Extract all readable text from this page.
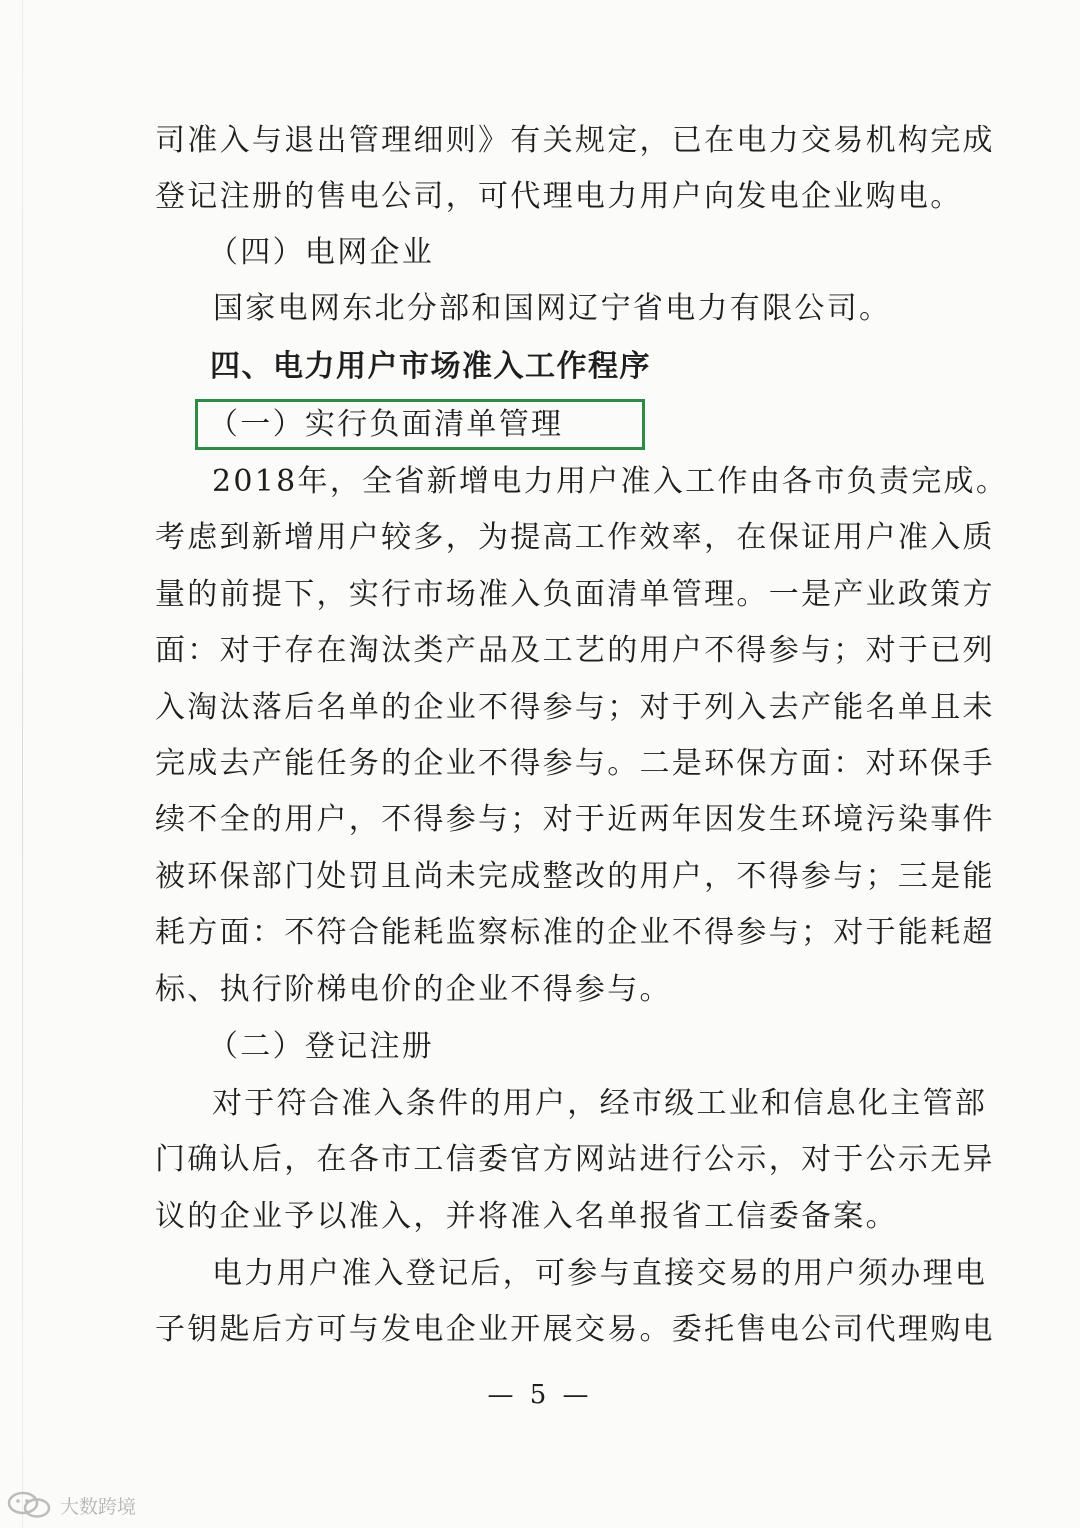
司准入与退出管理细则》有关规定，已在电力交易机构完成
登记注册的售电公司，可代理电力用户向发电企业购电。
（四）电网企业
国家电网东北分部和国网辽宁省电力有限公司。
四、电力用户市场准入工作程序
（一）实行负面清单管理
2018年，全省新增电力用户准入工作由各市负责完成。
考虑到新增用户较多，为提高工作效率，在保证用户准入质
量的前提下，实行市场准入负面清单管理。一是产业政策方
面：对于存在淘汰类产品及工艺的用户不得参与；对于已列
入淘汰落后名单的企业不得参与；对于列入去产能名单且未
完成去产能任务的企业不得参与。二是环保方面：对环保手
续不全的用户，不得参与；对于近两年因发生环境污染事件
被环保部门处罚且尚未完成整改的用户，不得参与；三是能
耗方面：不符合能耗监察标准的企业不得参与；对于能耗超
标、执行阶梯电价的企业不得参与。
（二）登记注册
对于符合准入条件的用户，经市级工业和信息化主管部
门确认后，在各市工信委官方网站进行公示，对于公示无异
议的企业予以准入，并将准入名单报省工信委备案。
电力用户准入登记后，可参与直接交易的用户须办理电
子钥匙后方可与发电企业开展交易。委托售电公司代理购电
— 5 —
大数跨境
